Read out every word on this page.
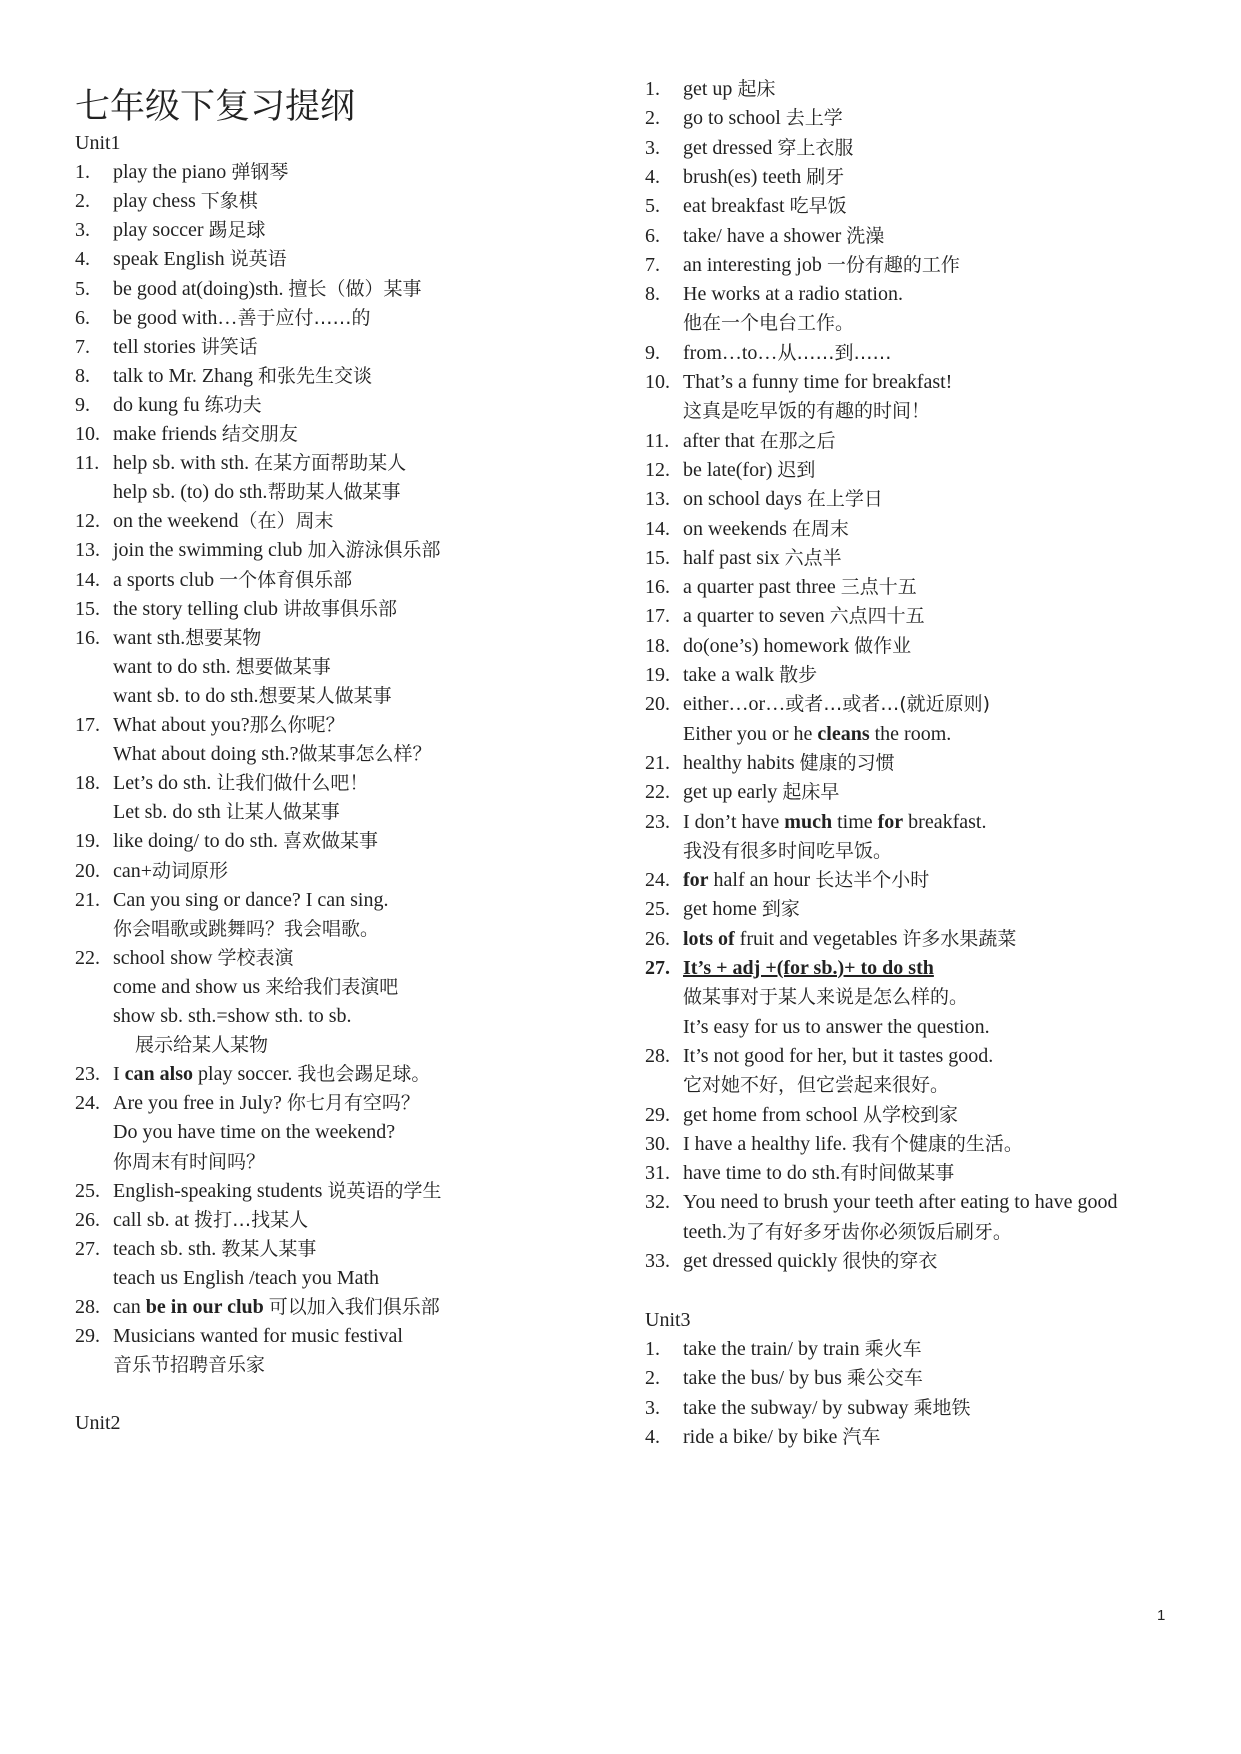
七年级下复习提纲
Unit1
1. play the piano 弹钢琴
2. play chess 下象棋
3. play soccer 踢足球
4. speak English 说英语
5. be good at(doing)sth. 擅长（做）某事
6. be good with…善于应付……的
7. tell stories 讲笑话
8. talk to Mr. Zhang 和张先生交谈
9. do kung fu 练功夫
10. make friends 结交朋友
11. help sb. with sth. 在某方面帮助某人
help sb. (to) do sth.帮助某人做某事
12. on the weekend（在）周末
13. join the swimming club 加入游泳俱乐部
14. a sports club 一个体育俱乐部
15. the story telling club 讲故事俱乐部
16. want sth.想要某物
want to do sth. 想要做某事
want sb. to do sth.想要某人做某事
17. What about you?那么你呢？
What about doing sth.?做某事怎么样？
18. Let’s do sth. 让我们做什么吧！
Let sb. do sth 让某人做某事
19. like doing/ to do sth. 喜欢做某事
20. can+动词原形
21. Can you sing or dance? I can sing.
你会唱歌或跳舞吗？我会唱歌。
22. school show 学校表演
come and show us 来给我们表演吧
show sb. sth.=show sth. to sb.
展示给某人某物
23. I can also play soccer. 我也会踢足球。
24. Are you free in July? 你七月有空吗？
Do you have time on the weekend?
你周末有时间吗？
25. English-speaking students 说英语的学生
26. call sb. at 拨打…找某人
27. teach sb. sth. 教某人某事
teach us English /teach you Math
28. can be in our club 可以加入我们俱乐部
29. Musicians wanted for music festival
音乐节招聘音乐家
Unit2
1. get up 起床
2. go to school 去上学
3. get dressed 穿上衣服
4. brush(es) teeth 刷牙
5. eat breakfast 吃早饭
6. take/ have a shower 洗澡
7. an interesting job 一份有趣的工作
8. He works at a radio station.
他在一个电台工作。
9. from…to…从……到……
10. That’s a funny time for breakfast!
这真是吃早饭的有趣的时间！
11. after that 在那之后
12. be late(for) 迟到
13. on school days 在上学日
14. on weekends 在周末
15. half past six 六点半
16. a quarter past three 三点十五
17. a quarter to seven 六点四十五
18. do(one’s) homework 做作业
19. take a walk 散步
20. either…or…或者…或者…(就近原则)
Either you or he cleans the room.
21. healthy habits 健康的习惯
22. get up early 起床早
23. I don’t have much time for breakfast.
我没有很多时间吃早饭。
24. for half an hour 长达半个小时
25. get home 到家
26. lots of fruit and vegetables 许多水果蔬菜
27. It’s + adj +(for sb.)+ to do sth
做某事对于某人来说是怎么样的。
It’s easy for us to answer the question.
28. It’s not good for her, but it tastes good.
它对她不好，但它尝起来很好。
29. get home from school 从学校到家
30. I have a healthy life. 我有个健康的生活。
31. have time to do sth.有时间做某事
32. You need to brush your teeth after eating to have good
teeth.为了有好多牙齿你必须饭后刷牙。
33. get dressed quickly 很快的穿衣
Unit3
1. take the train/ by train 乘火车
2. take the bus/ by bus 乘公交车
3. take the subway/ by subway 乘地铁
4. ride a bike/ by bike 汽车
1
